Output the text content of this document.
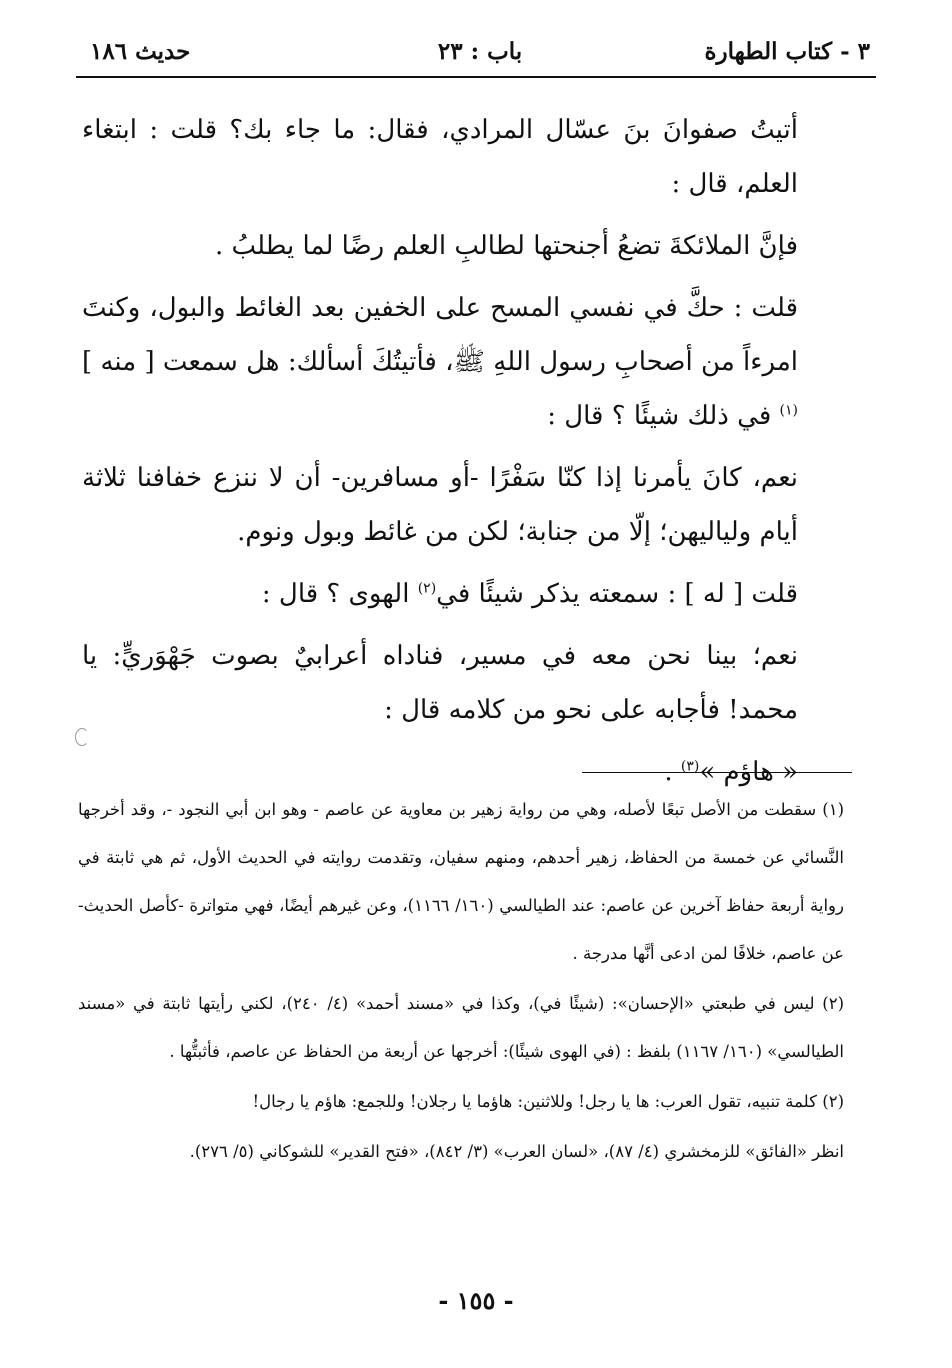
٣ - كتاب الطهارة
باب : ٢٣
حديث ١٨٦

أتيتُ صفوانَ بنَ عسّال المرادي، فقال: ما جاء بك؟ قلت : ابتغاء العلم، قال :

فإنَّ الملائكةَ تضعُ أجنحتها لطالبِ العلم رضًا لما يطلبُ .

قلت : حكَّ في نفسي المسح على الخفين بعد الغائط والبول، وكنتَ امرءاً من أصحابِ رسول اللهِ ﷺ، فأتيتُكَ أسألك: هل سمعت [ منه ]$^{(١)}$ في ذلك شيئًا ؟ قال :

نعم، كانَ يأمرنا إذا كنّا سَفْرًا -أو مسافرين- أن لا ننزع خفافنا ثلاثة أيام ولياليهن؛ إلّا من جنابة؛ لكن من غائط وبول ونوم.

قلت [ له ] : سمعته يذكر شيئًا في$^{(٢)}$ الهوى ؟ قال :

نعم؛ بينا نحن معه في مسير، فناداه أعرابيٌ بصوت جَهْوَريٍّ: يا محمد! فأجابه على نحو من كلامه قال :

« هاؤم »$^{(٣)}$ .

(١) سقطت من الأصل تبعًا لأصله، وهي من رواية زهير بن معاوية عن عاصم - وهو ابن أبي النجود -، وقد أخرجها النَّسائي عن خمسة من الحفاظ، زهير أحدهم، ومنهم سفيان، وتقدمت روايته في الحديث الأول، ثم هي ثابتة في رواية أربعة حفاظ آخرين عن عاصم: عند الطيالسي (١٦٠/ ١١٦٦)، وعن غيرهم أيضًا، فهي متواترة -كأصل الحديث- عن عاصم، خلافًا لمن ادعى أنَّها مدرجة .

(٢) ليس في طبعتي «الإحسان»: (شيئًا في)، وكذا في «مسند أحمد» (٤/ ٢٤٠)، لكني رأيتها ثابتة في «مسند الطيالسي» (١٦٠/ ١١٦٧) بلفظ : (في الهوى شيئًا): أخرجها عن أربعة من الحفاظ عن عاصم، فأثبتُّها .

(٢) كلمة تنبيه، تقول العرب: ها يا رجل! وللاثنين: هاؤما يا رجلان! وللجمع: هاؤم يا رجال!

انظر «الفائق» للزمخشري (٤/ ٨٧)، «لسان العرب» (٣/ ٨٤٢)، «فتح القدير» للشوكاني (٥/ ٢٧٦).

- ١٥٥ -
